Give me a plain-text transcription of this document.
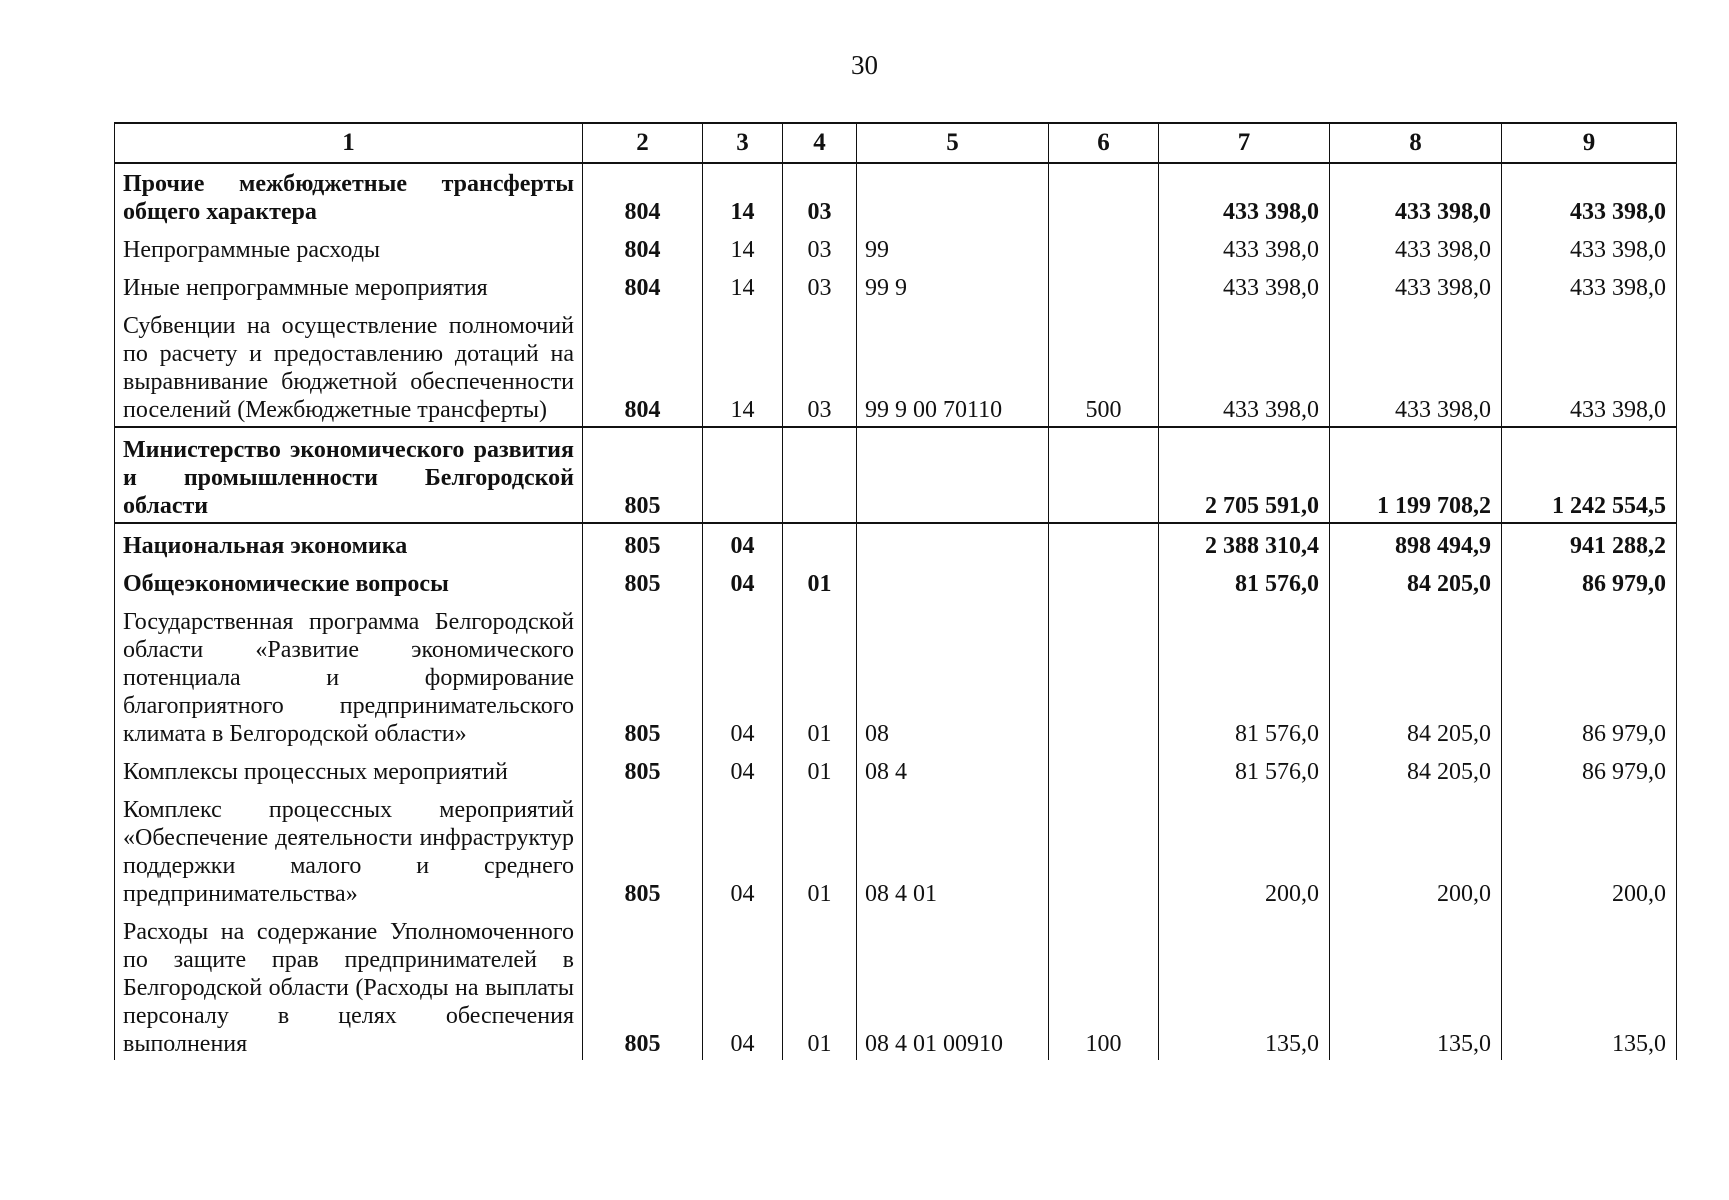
30
1	2	3	4	5	6	7	8	9
Прочие межбюджетные трансферты общего характера	804	14	03			433 398,0	433 398,0	433 398,0
Непрограммные расходы	804	14	03	99		433 398,0	433 398,0	433 398,0
Иные непрограммные мероприятия	804	14	03	99 9		433 398,0	433 398,0	433 398,0
Субвенции на осуществление полномочий по расчету и предоставлению дотаций на выравнивание бюджетной обеспеченности поселений (Межбюджетные трансферты)	804	14	03	99 9 00 70110	500	433 398,0	433 398,0	433 398,0
Министерство экономического развития и промышленности Белгородской области	805					2 705 591,0	1 199 708,2	1 242 554,5
Национальная экономика	805	04				2 388 310,4	898 494,9	941 288,2
Общеэкономические вопросы	805	04	01			81 576,0	84 205,0	86 979,0
Государственная программа Белгородской области «Развитие экономического потенциала и формирование благоприятного предпринимательского климата в Белгородской области»	805	04	01	08		81 576,0	84 205,0	86 979,0
Комплексы процессных мероприятий	805	04	01	08 4		81 576,0	84 205,0	86 979,0
Комплекс процессных мероприятий «Обеспечение деятельности инфраструктур поддержки малого и среднего предпринимательства»	805	04	01	08 4 01		200,0	200,0	200,0
Расходы на содержание Уполномоченного по защите прав предпринимателей в Белгородской области (Расходы на выплаты персоналу в целях обеспечения выполнения	805	04	01	08 4 01 00910	100	135,0	135,0	135,0
